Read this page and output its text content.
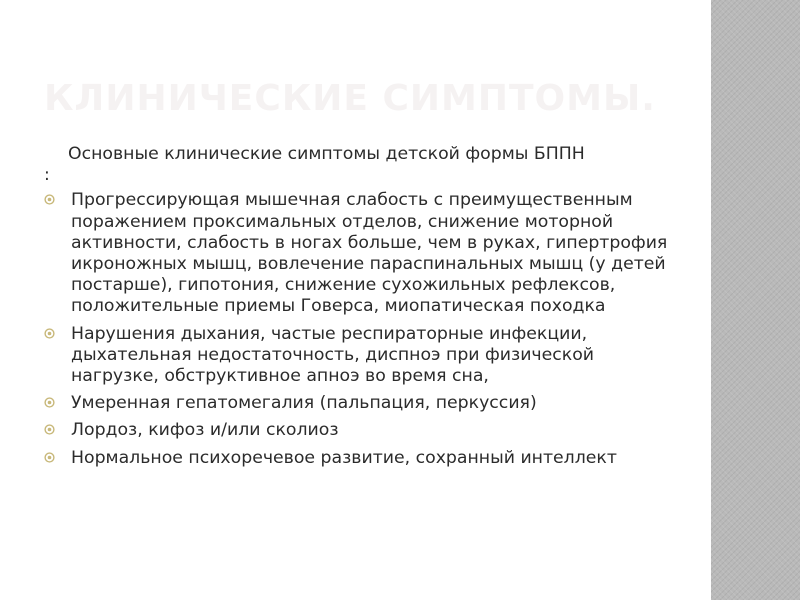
КЛИНИЧЕСКИЕ СИМПТОМЫ.
Основные клинические симптомы детской формы БППН
:
Прогрессирующая мышечная слабость с преимущественным поражением проксимальных отделов, снижение моторной активности, слабость в ногах больше, чем в руках, гипертрофия икроножных мышц, вовлечение параспинальных мышц (у детей постарше), гипотония, снижение сухожильных рефлексов, положительные приемы Говерса, миопатическая походка
Нарушения дыхания, частые респираторные инфекции, дыхательная недостаточность, диспноэ при физической нагрузке, обструктивное апноэ во время сна,
Умеренная гепатомегалия (пальпация, перкуссия)
Лордоз, кифоз и/или сколиоз
Нормальное психоречевое развитие, сохранный интеллект
